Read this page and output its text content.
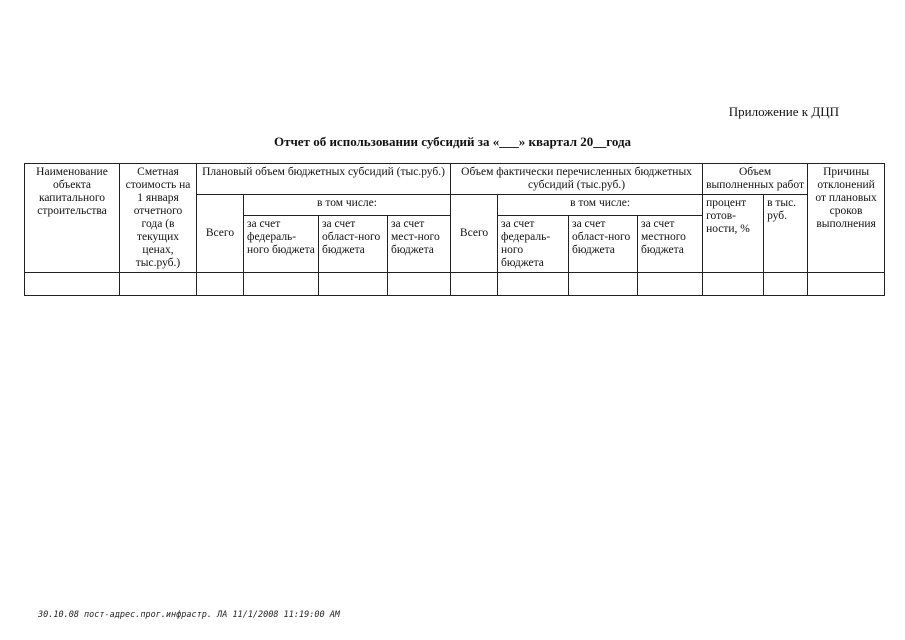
Приложение к ДЦП
Отчет об использовании субсидий за «___» квартал 20__года
Наименование объекта капитального строительства	Сметная стоимость на 1 января отчетного года (в текущих ценах, тыс.руб.)	Плановый объем бюджетных субсидий (тыс.руб.)				Объем фактически перечисленных бюджетных субсидий (тыс.руб.)				Объем выполненных работ		Причины отклонений от плановых сроков выполнения
		Всего	в том числе:			Всего	в том числе:			процент готов-ности, %	в тыс. руб.	
			за счет федераль-ного бюджета	за счет област-ного бюджета	за счет мест-ного бюджета		за счет федераль-ного бюджета	за счет област-ного бюджета	за счет местного бюджета			

30.10.08 пост-адрес.прог.инфрастр. ЛА 11/1/2008 11:19:00 AM
